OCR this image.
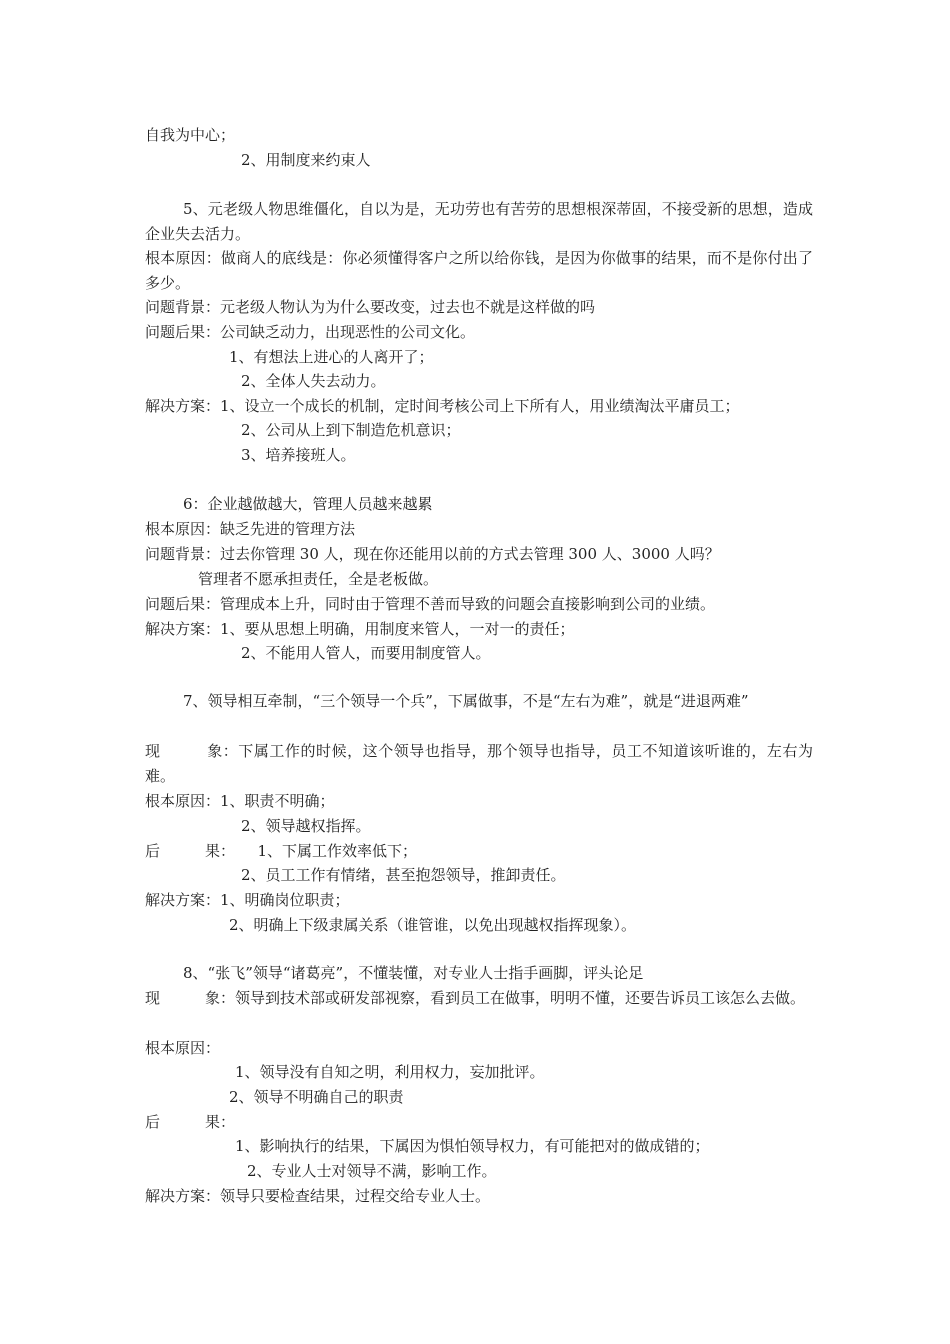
自我为中心；

2、用制度来约束人

5、元老级人物思维僵化，自以为是，无功劳也有苦劳的思想根深蒂固，不接受新的思想，造成企业失去活力。

根本原因：做商人的底线是：你必须懂得客户之所以给你钱，是因为你做事的结果，而不是你付出了多少。

问题背景：元老级人物认为为什么要改变，过去也不就是这样做的吗

问题后果：公司缺乏动力，出现恶性的公司文化。

1、有想法上进心的人离开了；

2、全体人失去动力。

解决方案：1、设立一个成长的机制，定时间考核公司上下所有人，用业绩淘汰平庸员工；

2、公司从上到下制造危机意识；

3、培养接班人。

6：企业越做越大，管理人员越来越累

根本原因：缺乏先进的管理方法

问题背景：过去你管理 30 人，现在你还能用以前的方式去管理 300 人、3000 人吗？

管理者不愿承担责任，全是老板做。

问题后果：管理成本上升，同时由于管理不善而导致的问题会直接影响到公司的业绩。

解决方案：1、要从思想上明确，用制度来管人，一对一的责任；

2、不能用人管人，而要用制度管人。

7、领导相互牵制，“三个领导一个兵”，下属做事，不是“左右为难”，就是“进退两难”

现　　　象：下属工作的时候，这个领导也指导，那个领导也指导，员工不知道该听谁的，左右为难。

根本原因：1、职责不明确；

2、领导越权指挥。

后　　　果：　　1、下属工作效率低下；

2、员工工作有情绪，甚至抱怨领导，推卸责任。

解决方案：1、明确岗位职责；

2、明确上下级隶属关系（谁管谁，以免出现越权指挥现象）。

8、“张飞”领导“诸葛亮”，不懂装懂，对专业人士指手画脚，评头论足

现　　　象：领导到技术部或研发部视察，看到员工在做事，明明不懂，还要告诉员工该怎么去做。

根本原因：

1、领导没有自知之明，利用权力，妄加批评。

2、领导不明确自己的职责

后　　　果：

1、影响执行的结果，下属因为惧怕领导权力，有可能把对的做成错的；

2、专业人士对领导不满，影响工作。

解决方案：领导只要检查结果，过程交给专业人士。
